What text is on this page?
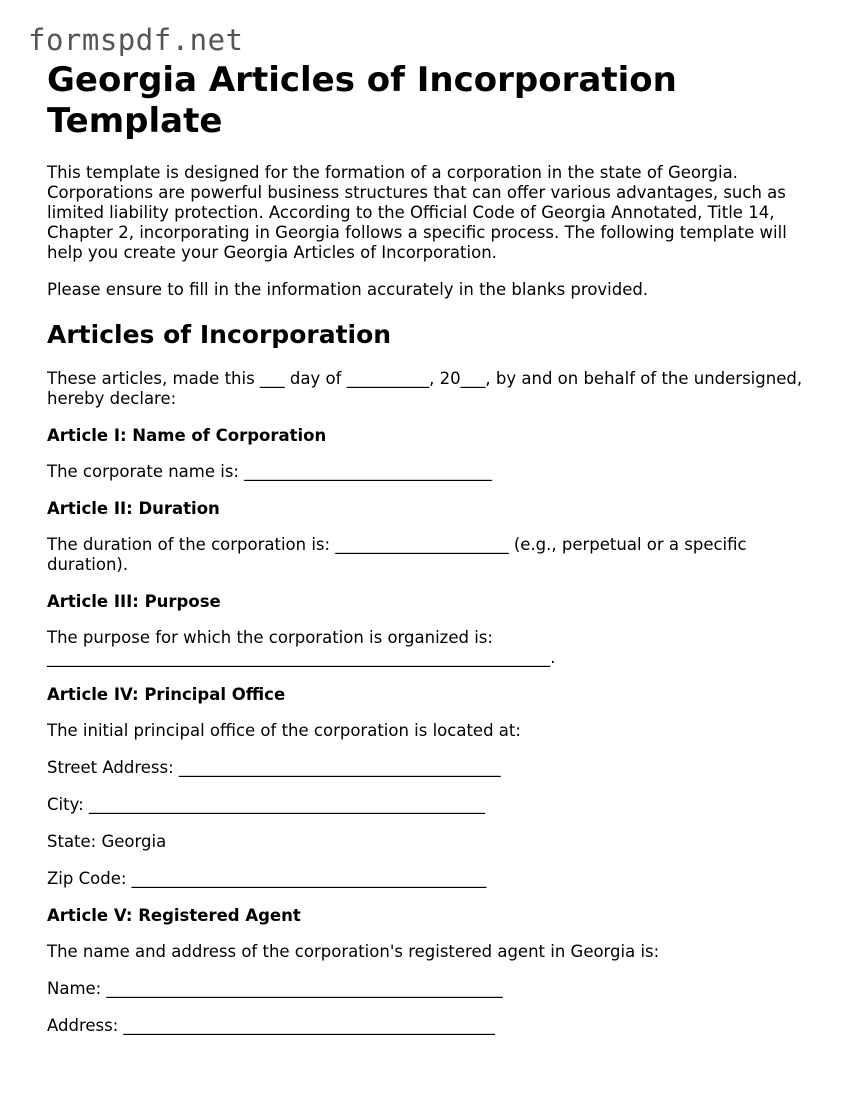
formspdf.net
Georgia Articles of Incorporation Template

This template is designed for the formation of a corporation in the state of Georgia. Corporations are powerful business structures that can offer various advantages, such as limited liability protection. According to the Official Code of Georgia Annotated, Title 14, Chapter 2, incorporating in Georgia follows a specific process. The following template will help you create your Georgia Articles of Incorporation.

Please ensure to fill in the information accurately in the blanks provided.

Articles of Incorporation

These articles, made this ___ day of __________, 20___, by and on behalf of the undersigned, hereby declare:

Article I: Name of Corporation

The corporate name is: ______________________________

Article II: Duration

The duration of the corporation is: _____________________ (e.g., perpetual or a specific duration).

Article III: Purpose

The purpose for which the corporation is organized is: _____________________________________________________________.

Article IV: Principal Office

The initial principal office of the corporation is located at:

Street Address: _______________________________________

City: ________________________________________________

State: Georgia

Zip Code: ___________________________________________

Article V: Registered Agent

The name and address of the corporation's registered agent in Georgia is:

Name: ________________________________________________

Address: _____________________________________________
